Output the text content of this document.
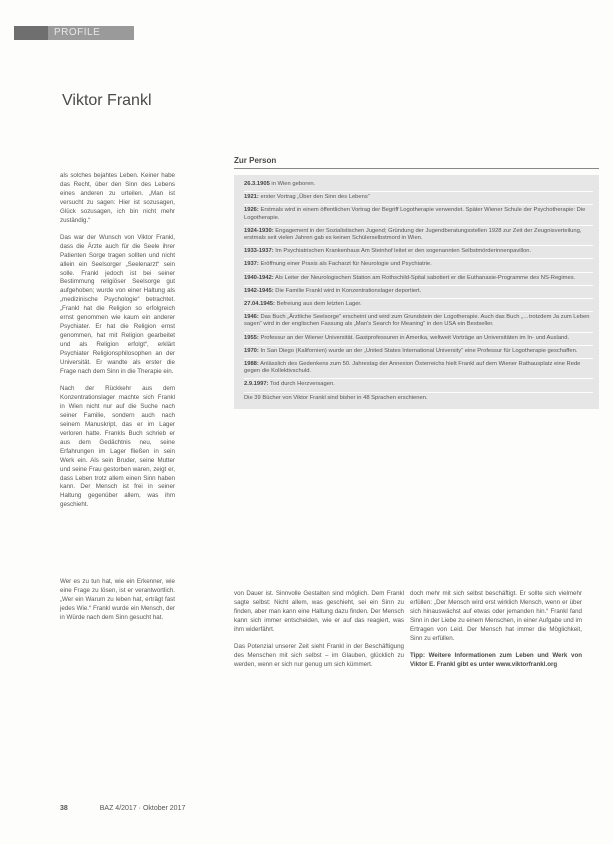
PROFILE
Viktor Frankl

als solches bejahtes Leben. Keiner habe das Recht, über den Sinn des Lebens eines anderen zu urteilen. „Man ist versucht zu sagen: Hier ist sozusagen, Glück sozusagen, ich bin nicht mehr zuständig.“

Das war der Wunsch von Viktor Frankl, dass die Ärzte auch für die Seele ihrer Patienten Sorge tragen sollten und nicht allein ein Seelsorger „Seelenarzt“ sein solle. Frankl jedoch ist bei seiner Bestimmung religiöser Seelsorge gut aufgehoben; wurde von einer Haltung als „medizinische Psychologie“ betrachtet. „Frankl hat die Religion so erfolgreich ernst genommen wie kaum ein anderer Psychiater. Er hat die Religion ernst genommen, hat mit Religion gearbeitet und als Religion erfolgt“, erklärt Psychiater Religionsphilosophen an der Universität. Er wandte als erster die Frage nach dem Sinn in die Therapie ein.

Nach der Rückkehr aus dem Konzentrationslager machte sich Frankl in Wien nicht nur auf die Suche nach seiner Familie, sondern auch nach seinem Manuskript, das er im Lager verloren hatte. Frankls Buch schrieb er aus dem Gedächtnis neu, seine Erfahrungen im Lager fließen in sein Werk ein. Als sein Bruder, seine Mutter und seine Frau gestorben waren, zeigt er, dass Leben trotz allem einen Sinn haben kann. Der Mensch ist frei in seiner Haltung gegenüber allem, was ihm geschieht.

Zur Person
26.3.1905 in Wien geboren.
1921: erster Vortrag „Über den Sinn des Lebens“
1926: Erstmals wird in einem öffentlichen Vortrag der Begriff Logotherapie verwendet. Später Wiener Schule der Psychotherapie: Die Logotherapie.
1924-1930: Engagement in der Sozialistischen Jugend; Gründung der Jugendberatungsstellen 1928 zur Zeit der Zeugnisverteilung, erstmals seit vielen Jahren gab es keinen Schülerselbstmord in Wien.
1933-1937: Im Psychiatrischen Krankenhaus Am Steinhof leitet er den sogenannten Selbstmörderinnenpavillon.
1937: Eröffnung einer Praxis als Facharzt für Neurologie und Psychiatrie.
1940-1942: Als Leiter der Neurologischen Station am Rothschild-Spital sabotiert er die Euthanasie-Programme des NS-Regimes.
1942-1945: Die Familie Frankl wird in Konzentrationslager deportiert.
27.04.1945: Befreiung aus dem letzten Lager.
1946: Das Buch „Ärztliche Seelsorge“ erscheint und wird zum Grundstein der Logotherapie. Auch das Buch „…trotzdem Ja zum Leben sagen“ wird in der englischen Fassung als „Man's Search for Meaning“ in den USA ein Bestseller.
1955: Professur an der Wiener Universität. Gastprofessuren in Amerika, weltweit Vorträge an Universitäten im In- und Ausland.
1970: In San Diego (Kalifornien) wurde an der „United States International University“ eine Professur für Logotherapie geschaffen.
1988: Anlässlich des Gedenkens zum 50. Jahrestag der Annexion Österreichs hielt Frankl auf dem Wiener Rathausplatz eine Rede gegen die Kollektivschuld.
2.9.1997: Tod durch Herzversagen.
Die 39 Bücher von Viktor Frankl sind bisher in 48 Sprachen erschienen.

Wer es zu tun hat, wie ein Erkenner, wie eine Frage zu lösen, ist er verantwortlich. „Wer ein Warum zu leben hat, erträgt fast jedes Wie.“ Frankl wurde ein Mensch, der in Würde nach dem Sinn gesucht hat.

von Dauer ist. Sinnvolle Gestalten sind möglich. Dem Frankl sagte selbst: Nicht allem, was geschieht, sei ein Sinn zu finden, aber man kann eine Haltung dazu finden. Der Mensch kann sich immer entscheiden, wie er auf das reagiert, was ihm widerfährt.

Das Potenzial unserer Zeit sieht Frankl in der Beschäftigung des Menschen mit sich selbst – im Glauben, glücklich zu werden, wenn er sich nur genug um sich kümmert.

doch mehr mit sich selbst beschäftigt. Er sollte sich vielmehr erfüllen: „Der Mensch wird erst wirklich Mensch, wenn er über sich hinauswächst auf etwas oder jemanden hin.“ Frankl fand Sinn in der Liebe zu einem Menschen, in einer Aufgabe und im Ertragen von Leid. Der Mensch hat immer die Möglichkeit, Sinn zu erfüllen.

Tipp: Weitere Informationen zum Leben und Werk von Viktor E. Frankl gibt es unter www.viktorfrankl.org

38	BAZ 4/2017 · Oktober 2017
